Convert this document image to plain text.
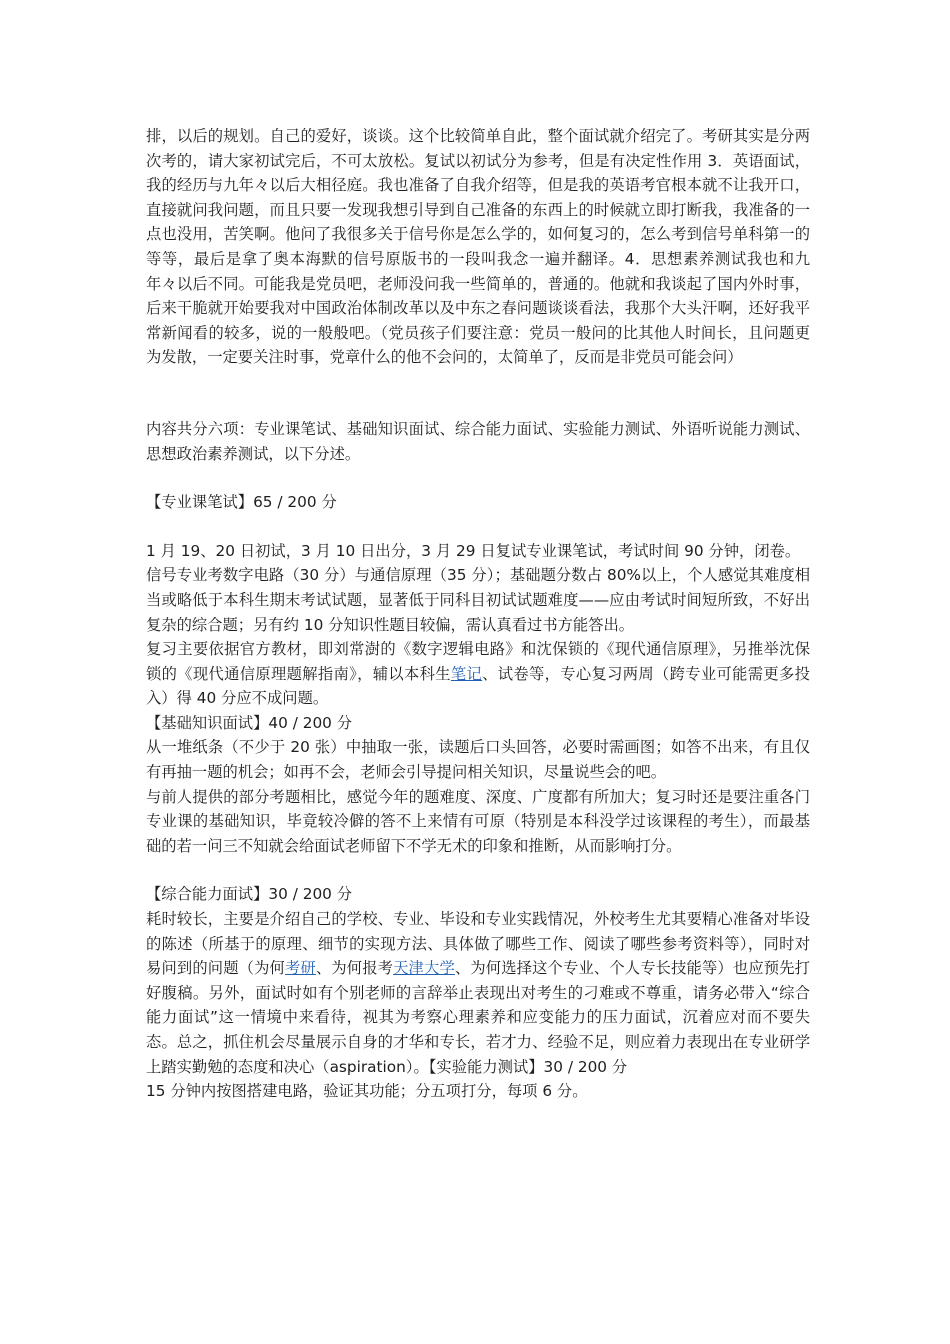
排，以后的规划。自己的爱好，谈谈。这个比较简单自此，整个面试就介绍完了。考研其实是分两次考的，请大家初试完后，不可太放松。复试以初试分为参考，但是有决定性作用 3．英语面试，我的经历与九年々以后大相径庭。我也准备了自我介绍等，但是我的英语考官根本就不让我开口，直接就问我问题，而且只要一发现我想引导到自己准备的东西上的时候就立即打断我，我准备的一点也没用，苦笑啊。他问了我很多关于信号你是怎么学的，如何复习的，怎么考到信号单科第一的等等，最后是拿了奥本海默的信号原版书的一段叫我念一遍并翻译。4．思想素养测试我也和九年々以后不同。可能我是党员吧，老师没问我一些简单的，普通的。他就和我谈起了国内外时事，后来干脆就开始要我对中国政治体制改革以及中东之春问题谈谈看法，我那个大头汗啊，还好我平常新闻看的较多，说的一般般吧。（党员孩子们要注意：党员一般问的比其他人时间长，且问题更为发散，一定要关注时事，党章什么的他不会问的，太简单了，反而是非党员可能会问）

内容共分六项：专业课笔试、基础知识面试、综合能力面试、实验能力测试、外语听说能力测试、思想政治素养测试，以下分述。

【专业课笔试】65 / 200 分

1 月 19、20 日初试，3 月 10 日出分，3 月 29 日复试专业课笔试，考试时间 90 分钟，闭卷。

信号专业考数字电路（30 分）与通信原理（35 分）；基础题分数占 80%以上，个人感觉其难度相当或略低于本科生期末考试试题，显著低于同科目初试试题难度——应由考试时间短所致，不好出复杂的综合题；另有约 10 分知识性题目较偏，需认真看过书方能答出。

复习主要依据官方教材，即刘常澍的《数字逻辑电路》和沈保锁的《现代通信原理》，另推举沈保锁的《现代通信原理题解指南》，辅以本科生笔记、试卷等，专心复习两周（跨专业可能需更多投入）得 40 分应不成问题。

【基础知识面试】40 / 200 分

从一堆纸条（不少于 20 张）中抽取一张，读题后口头回答，必要时需画图；如答不出来，有且仅有再抽一题的机会；如再不会，老师会引导提问相关知识，尽量说些会的吧。

与前人提供的部分考题相比，感觉今年的题难度、深度、广度都有所加大；复习时还是要注重各门专业课的基础知识，毕竟较冷僻的答不上来情有可原（特别是本科没学过该课程的考生），而最基础的若一问三不知就会给面试老师留下不学无术的印象和推断，从而影响打分。

【综合能力面试】30 / 200 分

耗时较长，主要是介绍自己的学校、专业、毕设和专业实践情况，外校考生尤其要精心准备对毕设的陈述（所基于的原理、细节的实现方法、具体做了哪些工作、阅读了哪些参考资料等），同时对易问到的问题（为何考研、为何报考天津大学、为何选择这个专业、个人专长技能等）也应预先打好腹稿。另外，面试时如有个别老师的言辞举止表现出对考生的刁难或不尊重，请务必带入“综合能力面试”这一情境中来看待，视其为考察心理素养和应变能力的压力面试，沉着应对而不要失态。总之，抓住机会尽量展示自身的才华和专长，若才力、经验不足，则应着力表现出在专业研学上踏实勤勉的态度和决心（aspiration）。【实验能力测试】30 / 200 分

15 分钟内按图搭建电路，验证其功能；分五项打分，每项 6 分。
